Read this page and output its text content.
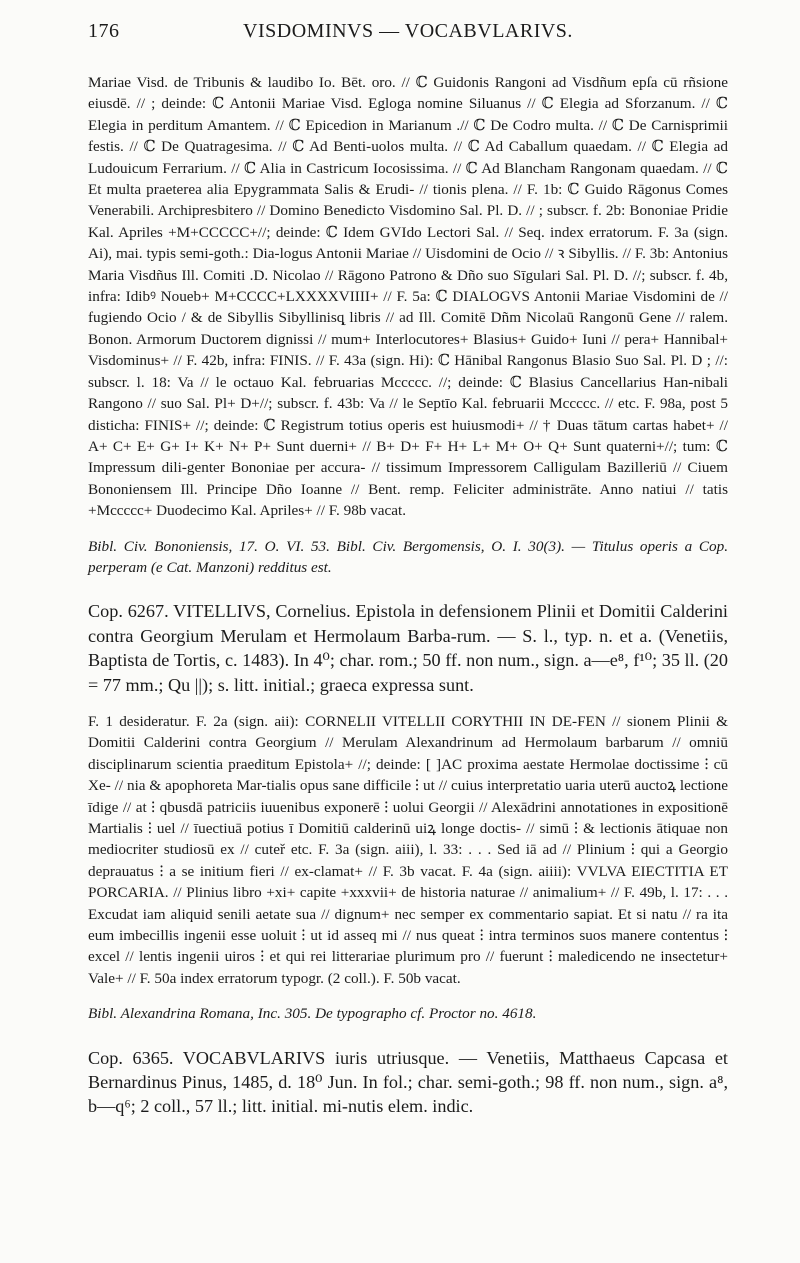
176	VISDOMINVS — VOCABVLARIVS.

Mariae Visd. de Tribunis & laudibo Io. Bēt. oro. // ℂ Guidonis Rangoni ad Visdñum epſa cū rñsione eiusdē. // ; deinde: ℂ Antonii Mariae Visd. Egloga nomine Siluanus // ℂ Elegia ad Sforzanum. // ℂ Elegia in perditum Amantem. // ℂ Epicedion in Marianum .// ℂ De Codro multa. // ℂ De Carnisprimii festis. // ℂ De Quatragesima. // ℂ Ad Benti-uolos multa. // ℂ Ad Caballum quaedam. // ℂ Elegia ad Ludouicum Ferrarium. // ℂ Alia in Castricum Iocosissima. // ℂ Ad Blancham Rangonam quaedam. // ℂ Et multa praeterea alia Epygrammata Salis & Erudi- // tionis plena. // F. 1b: ℂ Guido Rāgonus Comes Venerabili. Archipresbitero // Domino Benedicto Visdomino Sal. Pl. D. // ; subscr. f. 2b: Bononiae Pridie Kal. Apriles +M+CCCCC+//; deinde: ℂ Idem GVIdo Lectori Sal. // Seq. index erratorum. F. 3a (sign. Ai), mai. typis semi-goth.: Dia-logus Antonii Mariae // Uisdomini de Ocio // ꝛ Sibyllis. // F. 3b: Antonius Maria Visdñus Ill. Comiti .D. Nicolao // Rāgono Patrono & Dño suo Sīgulari Sal. Pl. D. //; subscr. f. 4b, infra: Idibꝰ Noueb+ M+CCCC+LXXXXVIIII+ // F. 5a: ℂ DIALOGVS Antonii Mariae Visdomini de // fugiendo Ocio / & de Sibyllis Sibyllinisq̨ libris // ad Ill. Comitē Dñm Nicolaū Rangonū Gene // ralem. Bonon. Armorum Ductorem dignissi // mum+ Interlocutores+ Blasius+ Guido+ Iuni // pera+ Hannibal+ Visdominus+ // F. 42b, infra: FINIS. // F. 43a (sign. Hi): ℂ Hānibal Rangonus Blasio Suo Sal. Pl. D ; //: subscr. l. 18: Va // le octauo Kal. februarias Mccccc. //; deinde: ℂ Blasius Cancellarius Han-nibali Rangono // suo Sal. Pl+ D+//; subscr. f. 43b: Va // le Septīo Kal. februarii Mccccc. // etc. F. 98a, post 5 disticha: FINIS+ //; deinde: ℂ Registrum totius operis est huiusmodi+ // † Duas tātum cartas habet+ // A+ C+ E+ G+ I+ K+ N+ P+ Sunt duerni+ // B+ D+ F+ H+ L+ M+ O+ Q+ Sunt quaterni+//; tum: ℂ Impressum dili-genter Bononiae per accura- // tissimum Impressorem Calligulam Bazilleriū // Ciuem Bononiensem Ill. Principe Dño Ioanne // Bent. remp. Feliciter administrāte. Anno natiui // tatis +Mccccc+ Duodecimo Kal. Apriles+ // F. 98b vacat.

Bibl. Civ. Bononiensis, 17. O. VI. 53. Bibl. Civ. Bergomensis, O. I. 30(3). — Titulus operis a Cop. perperam (e Cat. Manzoni) redditus est.

Cop. 6267. VITELLIVS, Cornelius. Epistola in defensionem Plinii et Domitii Calderini contra Georgium Merulam et Hermolaum Barba-rum. — S. l., typ. n. et a. (Venetiis, Baptista de Tortis, c. 1483). In 4⁰; char. rom.; 50 ff. non num., sign. a—e⁸, f¹⁰; 35 ll. (20 = 77 mm.; Qu ||); s. litt. initial.; graeca expressa sunt.

F. 1 desideratur. F. 2a (sign. aii): CORNELII VITELLII CORYTHII IN DE-FEN // sionem Plinii & Domitii Calderini contra Georgium // Merulam Alexandrinum ad Hermolaum barbarum // omniū disciplinarum scientia praeditum Epistola+ //; deinde: [ ]AC proxima aestate Hermolae doctissime ⁝ cū Xe- // nia & apophoreta Mar-tialis opus sane difficile ⁝ ut // cuius interpretatio uaria uterū auctoꝝ lectione īdige // at ⁝ qbusdā patriciis iuuenibus exponerē ⁝ uolui Georgii // Alexādrini annotationes in expositionē Martialis ⁝ uel // īuectiuā potius ī Domitiū calderinū uiꝝ longe doctis- // simū ⁝ & lectionis ātiquae non mediocriter studiosū ex // cuteř etc. F. 3a (sign. aiii), l. 33: . . . Sed iā ad // Plinium ⁝ qui a Georgio deprauatus ⁝ a se initium fieri // ex-clamat+ // F. 3b vacat. F. 4a (sign. aiiii): VVLVA EIECTITIA ET PORCARIA. // Plinius libro +xi+ capite +xxxvii+ de historia naturae // animalium+ // F. 49b, l. 17: . . . Excudat iam aliquid senili aetate sua // dignum+ nec semper ex commentario sapiat. Et si natu // ra ita eum imbecillis ingenii esse uoluit ⁝ ut id asseq mi // nus queat ⁝ intra terminos suos manere contentus ⁝ excel // lentis ingenii uiros ⁝ et qui rei litterariae plurimum pro // fuerunt ⁝ maledicendo ne insectetur+ Vale+ // F. 50a index erratorum typogr. (2 coll.). F. 50b vacat.

Bibl. Alexandrina Romana, Inc. 305. De typographo cf. Proctor no. 4618.

Cop. 6365. VOCABVLARIVS iuris utriusque. — Venetiis, Matthaeus Capcasa et Bernardinus Pinus, 1485, d. 18⁰ Jun. In fol.; char. semi-goth.; 98 ff. non num., sign. a⁸, b—q⁶; 2 coll., 57 ll.; litt. initial. mi-nutis elem. indic.
